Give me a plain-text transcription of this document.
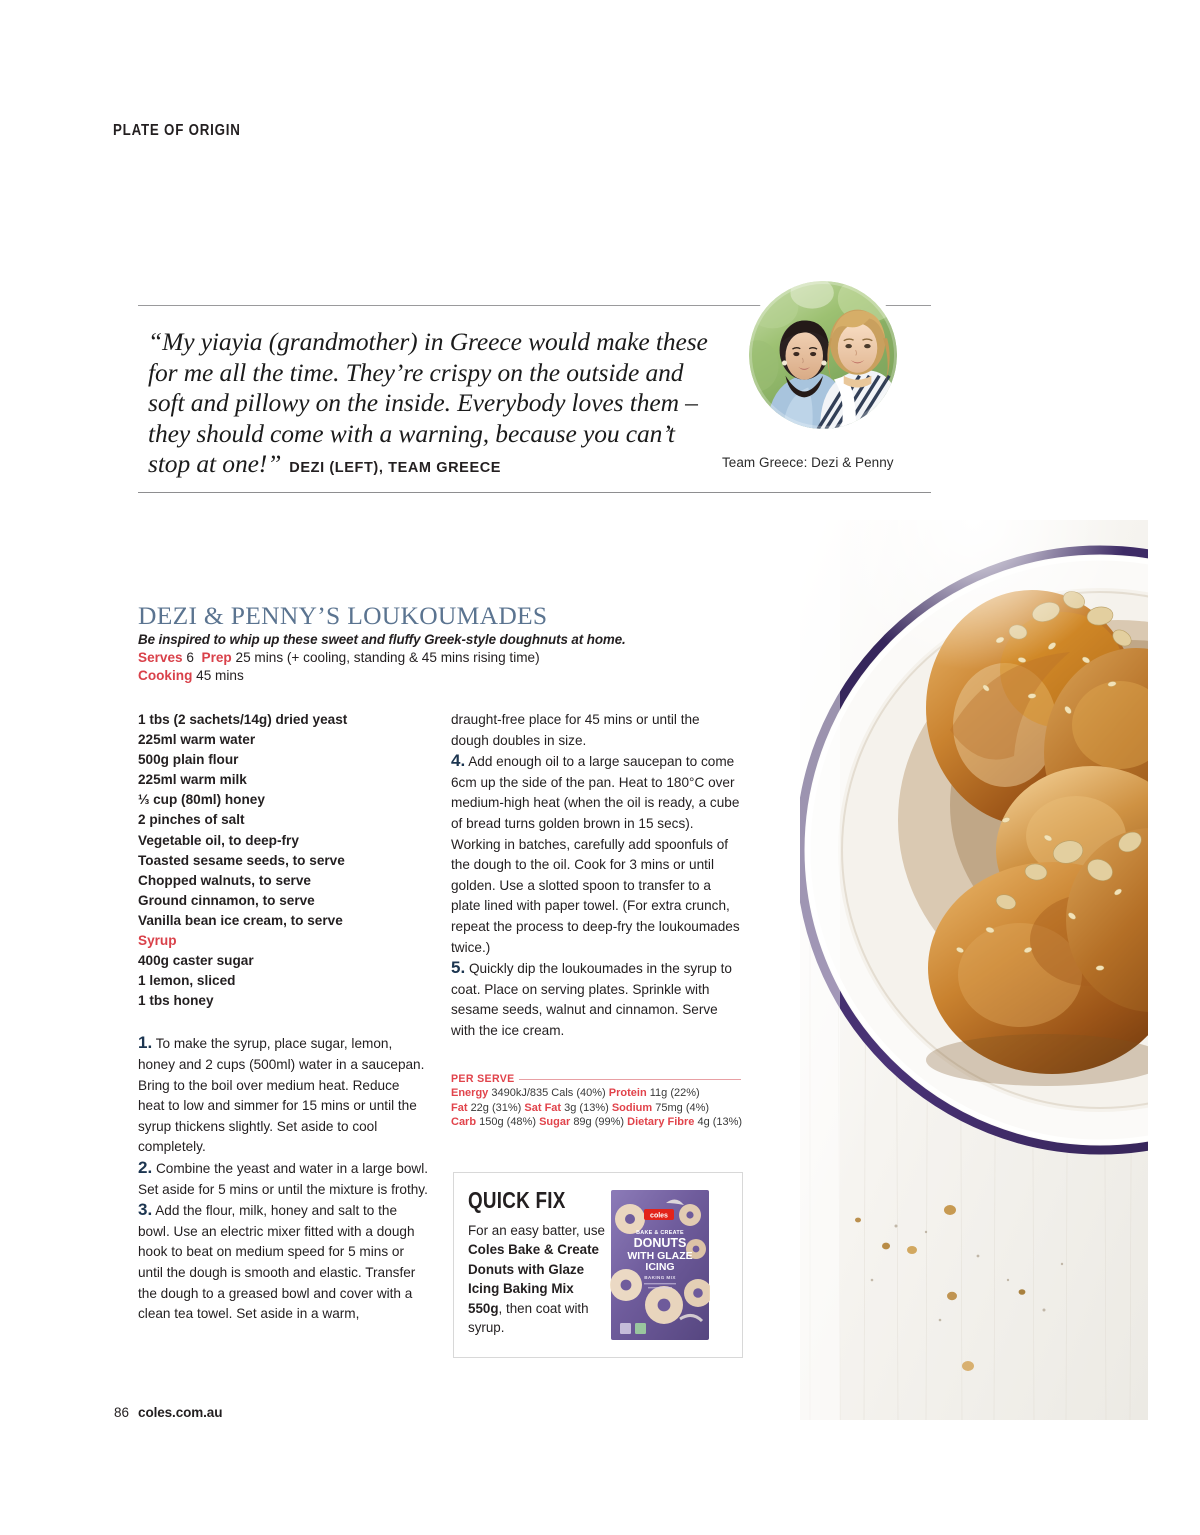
PLATE OF ORIGIN
“My yiayia (grandmother) in Greece would make these for me all the time. They’re crispy on the outside and soft and pillowy on the inside. Everybody loves them – they should come with a warning, because you can’t stop at one!” DEZI (LEFT), TEAM GREECE	Team Greece: Dezi & Penny
DEZI & PENNY’S LOUKOUMADES
Be inspired to whip up these sweet and fluffy Greek-style doughnuts at home.
Serves 6 Prep 25 mins (+ cooling, standing & 45 mins rising time)
Cooking 45 mins
1 tbs (2 sachets/14g) dried yeast
225ml warm water
500g plain flour
225ml warm milk
⅓ cup (80ml) honey
2 pinches of salt
Vegetable oil, to deep-fry
Toasted sesame seeds, to serve
Chopped walnuts, to serve
Ground cinnamon, to serve
Vanilla bean ice cream, to serve
Syrup
400g caster sugar
1 lemon, sliced
1 tbs honey

1. To make the syrup, place sugar, lemon, honey and 2 cups (500ml) water in a saucepan. Bring to the boil over medium heat. Reduce heat to low and simmer for 15 mins or until the syrup thickens slightly. Set aside to cool completely.

2. Combine the yeast and water in a large bowl. Set aside for 5 mins or until the mixture is frothy.

3. Add the flour, milk, honey and salt to the bowl. Use an electric mixer fitted with a dough hook to beat on medium speed for 5 mins or until the dough is smooth and elastic. Transfer the dough to a greased bowl and cover with a clean tea towel. Set aside in a warm,

draught-free place for 45 mins or until the dough doubles in size.

4. Add enough oil to a large saucepan to come 6cm up the side of the pan. Heat to 180°C over medium-high heat (when the oil is ready, a cube of bread turns golden brown in 15 secs). Working in batches, carefully add spoonfuls of the dough to the oil. Cook for 3 mins or until golden. Use a slotted spoon to transfer to a plate lined with paper towel. (For extra crunch, repeat the process to deep-fry the loukoumades twice.)

5. Quickly dip the loukoumades in the syrup to coat. Place on serving plates. Sprinkle with sesame seeds, walnut and cinnamon. Serve with the ice cream.

PER SERVE
Energy 3490kJ/835 Cals (40%) Protein 11g (22%)
Fat 22g (31%) Sat Fat 3g (13%) Sodium 75mg (4%)
Carb 150g (48%) Sugar 89g (99%) Dietary Fibre 4g (13%)
QUICK FIX
For an easy batter, use Coles Bake & Create Donuts with Glaze Icing Baking Mix 550g, then coat with syrup.
coles
BAKE & CREATE
DONUTS
WITH GLAZE
ICING
BAKING MIX
86 coles.com.au
